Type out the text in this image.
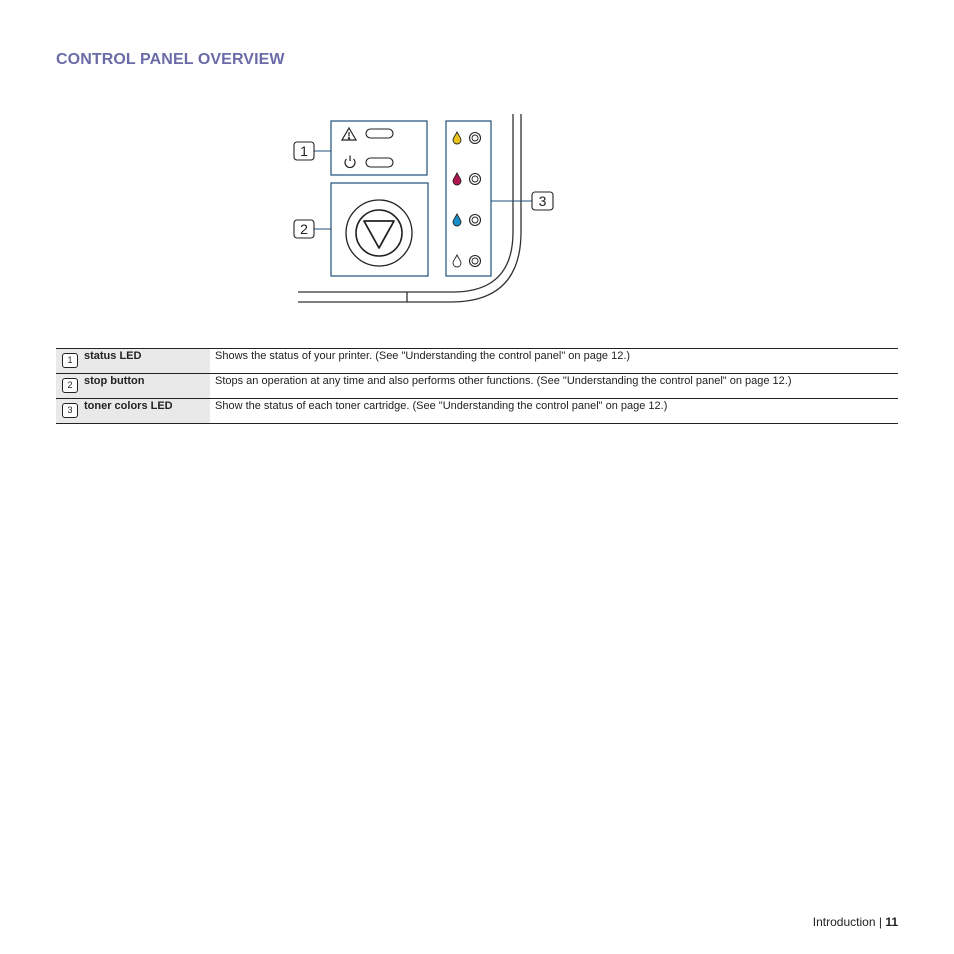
CONTROL PANEL OVERVIEW
1
2
3
1	status LED	Shows the status of your printer. (See "Understanding the control panel" on page 12.)
2	stop button	Stops an operation at any time and also performs other functions. (See "Understanding the control panel" on page 12.)
3	toner colors LED	Show the status of each toner cartridge. (See "Understanding the control panel" on page 12.)
Introduction | 11
